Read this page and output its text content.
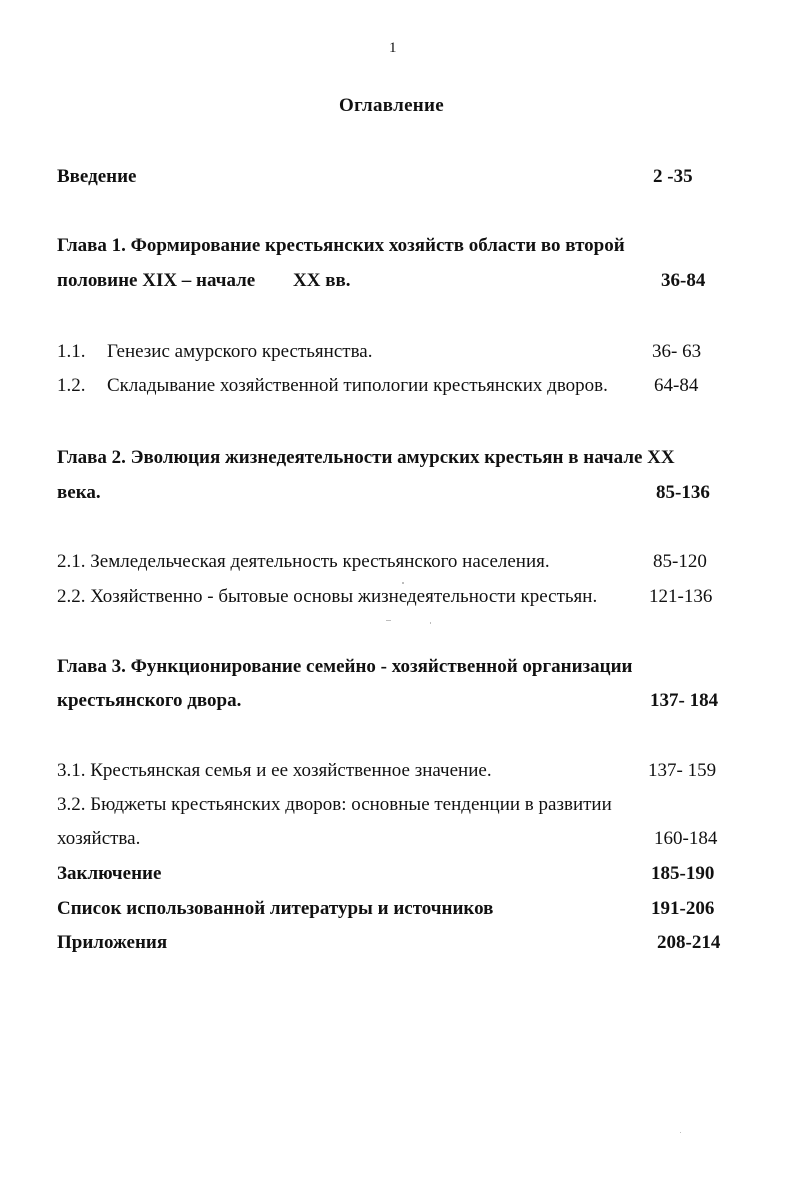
1
Оглавление
Введение	2 -35
Глава 1. Формирование крестьянских хозяйств области во второй
половине XIX – начале XX вв.	36-84
1.1. Генезис амурского крестьянства.	36- 63
1.2. Складывание хозяйственной типологии крестьянских дворов. 64-84
Глава 2. Эволюция жизнедеятельности амурских крестьян в начале XX
века.	85-136
2.1. Земледельческая деятельность крестьянского населения.	85-120
2.2. Хозяйственно - бытовые основы жизнедеятельности крестьян.	121-136
Глава 3. Функционирование семейно - хозяйственной организации
крестьянского двора.	137- 184
3.1. Крестьянская семья и ее хозяйственное значение.	137- 159
3.2. Бюджеты крестьянских дворов: основные тенденции в развитии
хозяйства.	160-184
Заключение	185-190
Список использованной литературы и источников	191-206
Приложения	208-214
